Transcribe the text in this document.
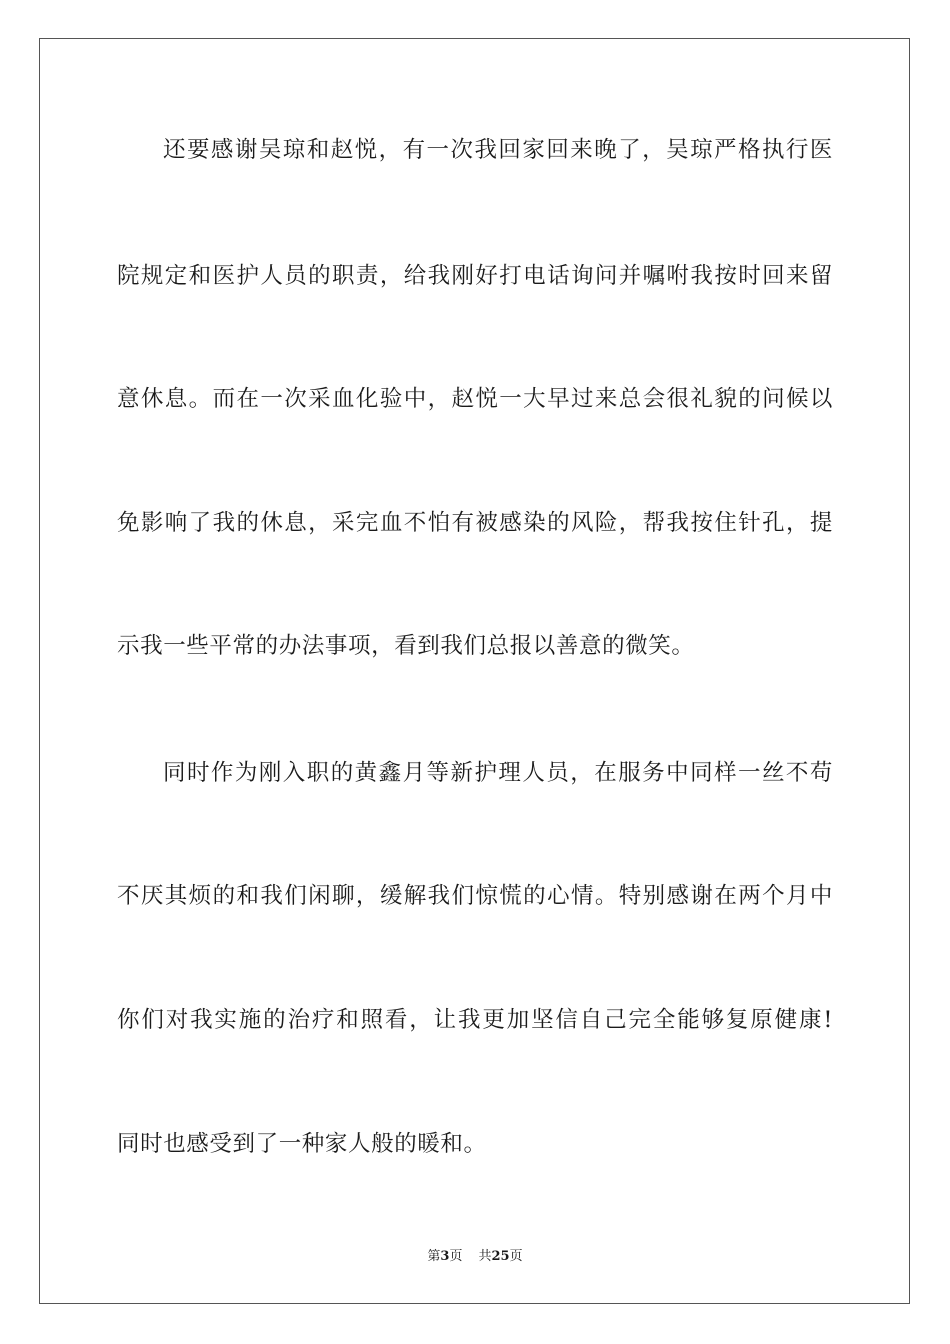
还要感谢吴琼和赵悦，有一次我回家回来晚了，吴琼严格执行医
院规定和医护人员的职责，给我刚好打电话询问并嘱咐我按时回来留
意休息。而在一次采血化验中，赵悦一大早过来总会很礼貌的问候以
免影响了我的休息，采完血不怕有被感染的风险，帮我按住针孔，提
示我一些平常的办法事项，看到我们总报以善意的微笑。
同时作为刚入职的黄鑫月等新护理人员，在服务中同样一丝不苟
不厌其烦的和我们闲聊，缓解我们惊慌的心情。特别感谢在两个月中
你们对我实施的治疗和照看，让我更加坚信自己完全能够复原健康!
同时也感受到了一种家人般的暖和。
第3页 共25页
